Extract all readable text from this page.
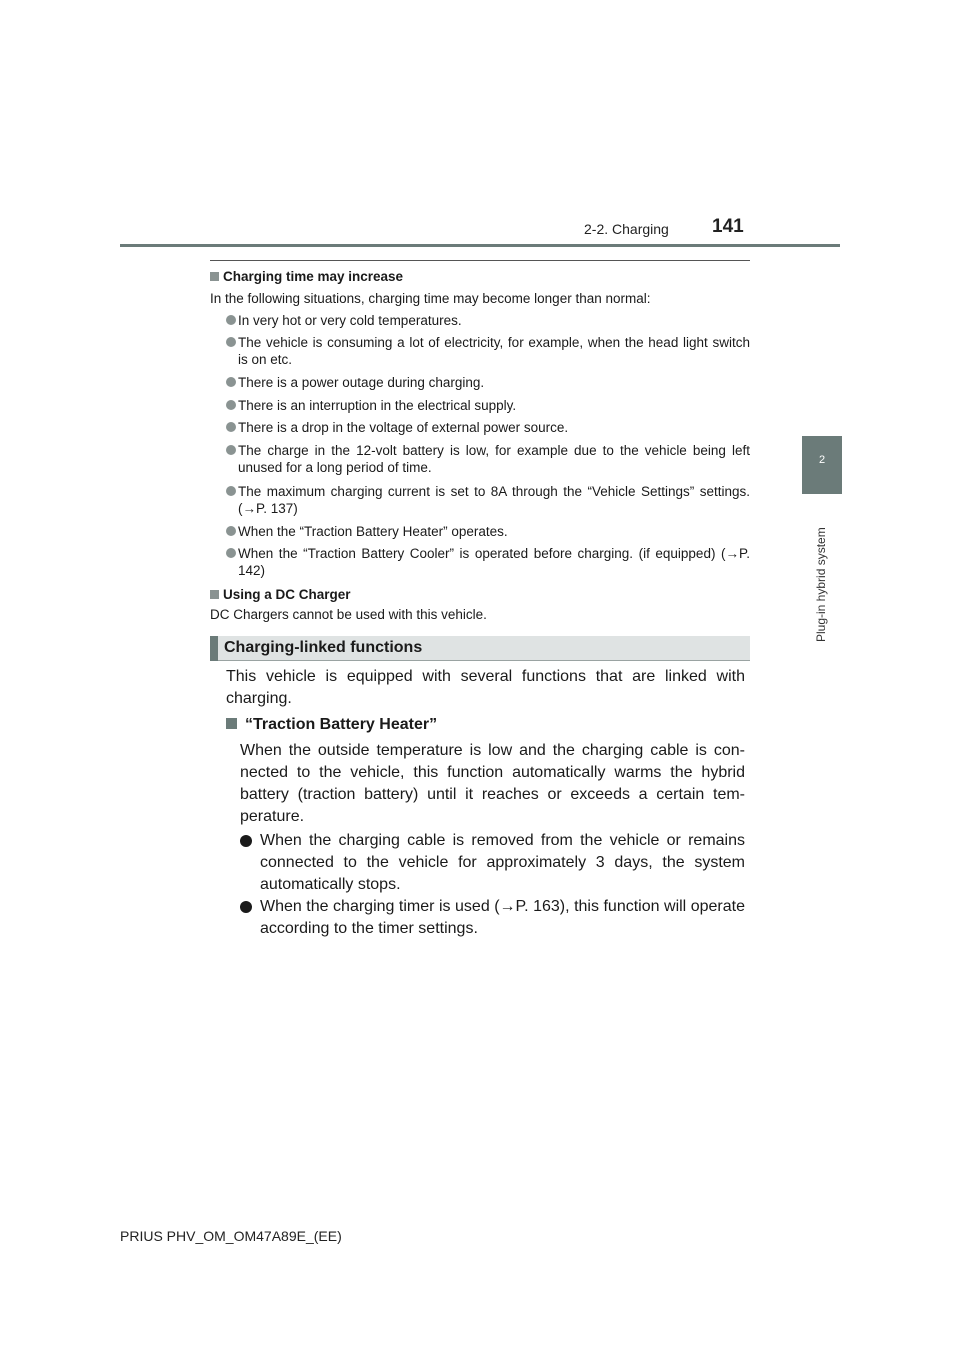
2-2. Charging 141
2
Plug-in hybrid system
Charging time may increase
In the following situations, charging time may become longer than normal:
In very hot or very cold temperatures.
The vehicle is consuming a lot of electricity, for example, when the head light switch is on etc.
There is a power outage during charging.
There is an interruption in the electrical supply.
There is a drop in the voltage of external power source.
The charge in the 12-volt battery is low, for example due to the vehicle being left unused for a long period of time.
The maximum charging current is set to 8A through the “Vehicle Settings” settings. (→P. 137)
When the “Traction Battery Heater” operates.
When the “Traction Battery Cooler” is operated before charging. (if equipped) (→P. 142)
Using a DC Charger
DC Chargers cannot be used with this vehicle.
Charging-linked functions
This vehicle is equipped with several functions that are linked with charging.
“Traction Battery Heater”
When the outside temperature is low and the charging cable is con- nected to the vehicle, this function automatically warms the hybrid battery (traction battery) until it reaches or exceeds a certain tem- perature.
When the charging cable is removed from the vehicle or remains connected to the vehicle for approximately 3 days, the system automatically stops.
When the charging timer is used (→P. 163), this function will operate according to the timer settings.
PRIUS PHV_OM_OM47A89E_(EE)
